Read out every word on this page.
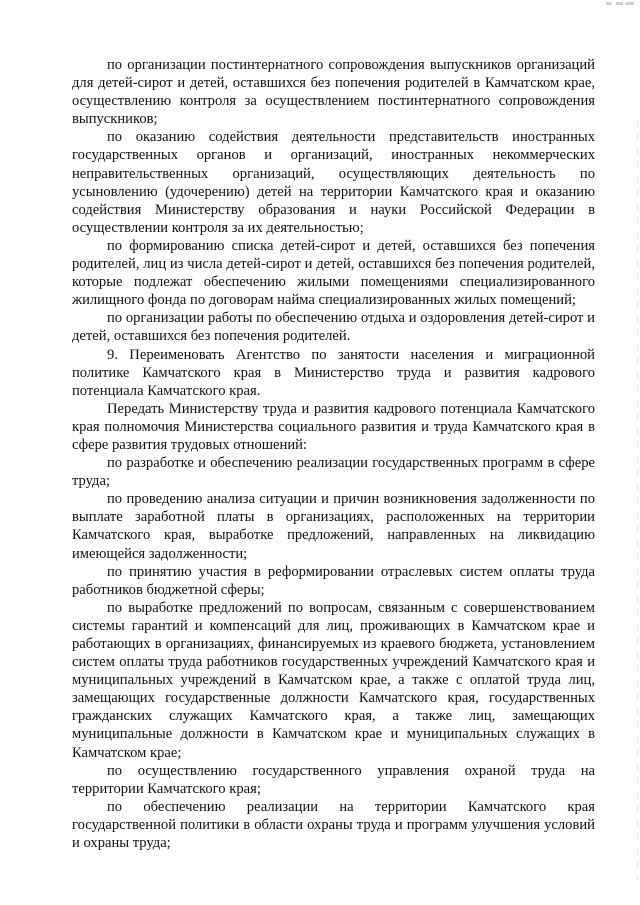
по организации постинтернатного сопровождения выпускников организаций для детей-сирот и детей, оставшихся без попечения родителей в Камчатском крае, осуществлению контроля за осуществлением постинтернатного сопровождения выпускников;

по оказанию содействия деятельности представительств иностранных государственных органов и организаций, иностранных некоммерческих неправительственных организаций, осуществляющих деятельность по усыновлению (удочерению) детей на территории Камчатского края и оказанию содействия Министерству образования и науки Российской Федерации в осуществлении контроля за их деятельностью;

по формированию списка детей-сирот и детей, оставшихся без попечения родителей, лиц из числа детей-сирот и детей, оставшихся без попечения родителей, которые подлежат обеспечению жилыми помещениями специализированного жилищного фонда по договорам найма специализированных жилых помещений;

по организации работы по обеспечению отдыха и оздоровления детей-сирот и детей, оставшихся без попечения родителей.

9. Переименовать Агентство по занятости населения и миграционной политике Камчатского края в Министерство труда и развития кадрового потенциала Камчатского края.

Передать Министерству труда и развития кадрового потенциала Камчатского края полномочия Министерства социального развития и труда Камчатского края в сфере развития трудовых отношений:

по разработке и обеспечению реализации государственных программ в сфере труда;

по проведению анализа ситуации и причин возникновения задолженности по выплате заработной платы в организациях, расположенных на территории Камчатского края, выработке предложений, направленных на ликвидацию имеющейся задолженности;

по принятию участия в реформировании отраслевых систем оплаты труда работников бюджетной сферы;

по выработке предложений по вопросам, связанным с совершенствованием системы гарантий и компенсаций для лиц, проживающих в Камчатском крае и работающих в организациях, финансируемых из краевого бюджета, установлением систем оплаты труда работников государственных учреждений Камчатского края и муниципальных учреждений в Камчатском крае, а также с оплатой труда лиц, замещающих государственные должности Камчатского края, государственных гражданских служащих Камчатского края, а также лиц, замещающих муниципальные должности в Камчатском крае и муниципальных служащих в Камчатском крае;

по осуществлению государственного управления охраной труда на территории Камчатского края;

по обеспечению реализации на территории Камчатского края государственной политики в области охраны труда и программ улучшения условий и охраны труда;
